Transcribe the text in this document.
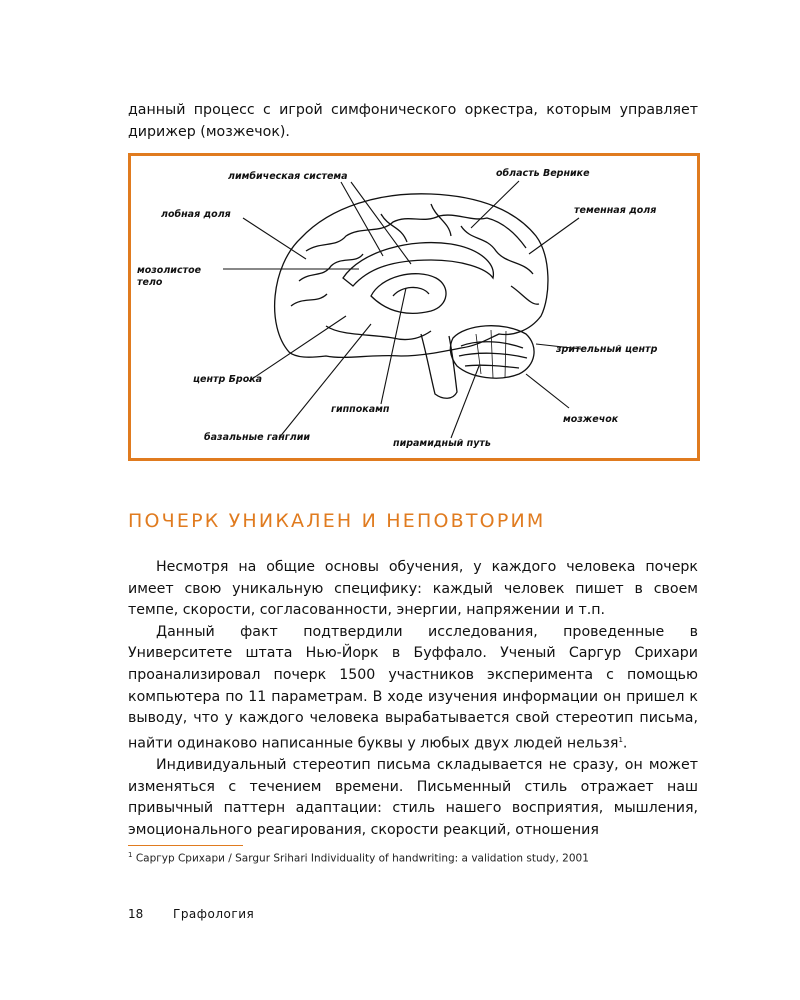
данный процесс с игрой симфонического оркестра, которым управляет дирижер (мозжечок).

лимбическая система	область Верникe
лобная доля	теменная доля
мозолистое
тело
зрительный центр
центр Брока
гиппокамп
мозжечок
базальные ганглии
пирамидный путь
ПОЧЕРК УНИКАЛЕН И НЕПОВТОРИМ

Несмотря на общие основы обучения, у каждого человека почерк имеет свою уникальную специфику: каждый человек пишет в своем темпе, скорости, согласованности, энергии, напряжении и т.п.

Данный факт подтвердили исследования, проведенные в Университете штата Нью-Йорк в Буффало. Ученый Саргур Срихари проанализировал почерк 1500 участников эксперимента с помощью компьютера по 11 параметрам. В ходе изучения информации он пришел к выводу, что у каждого человека вырабатывается свой стереотип письма, найти одинаково написанные буквы у любых двух людей нельзя$^1$.

Индивидуальный стереотип письма складывается не сразу, он может изменяться с течением времени. Письменный стиль отражает наш привычный паттерн адаптации: стиль нашего восприятия, мышления, эмоционального реагирования, скорости реакций, отношения

$^1$ Саргур Срихари / Sargur Srihari Individuality of handwriting: a validation study, 2001
18 Графология
